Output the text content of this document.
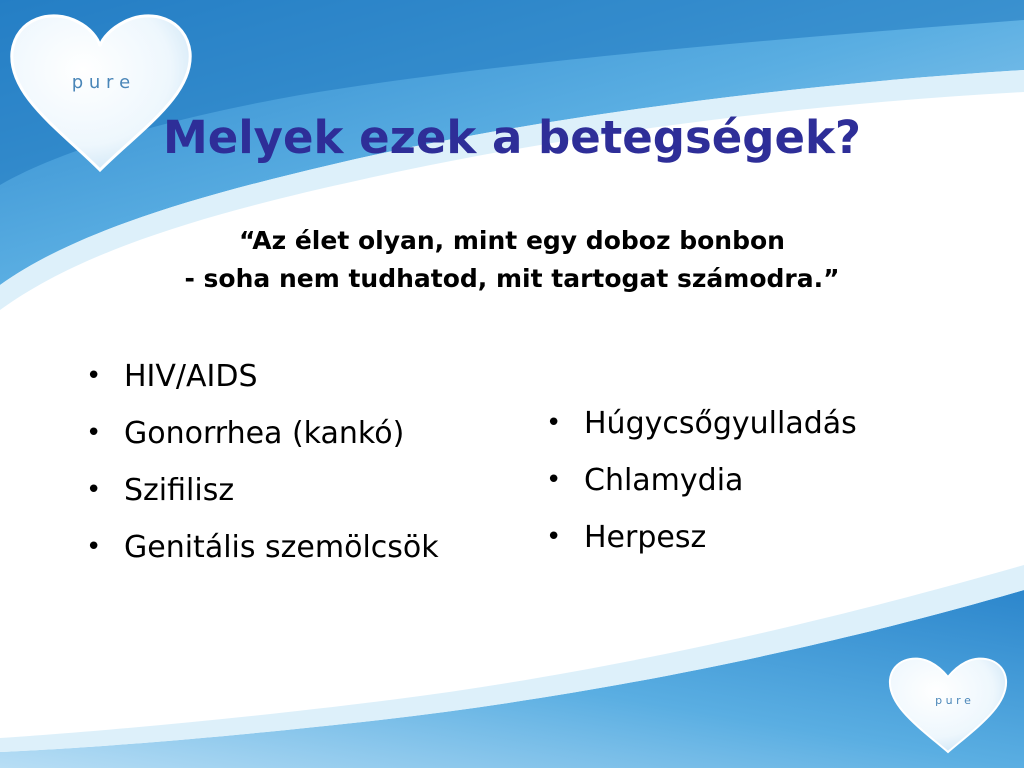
p u r e
p u r e
Melyek ezek a betegségek?
“Az élet olyan, mint egy doboz bonbon
- soha nem tudhatod, mit tartogat számodra.”
• HIV/AIDS
• Gonorrhea (kankó)
• Szifilisz
• Genitális szemölcsök
• Húgycsőgyulladás
• Chlamydia
• Herpesz
